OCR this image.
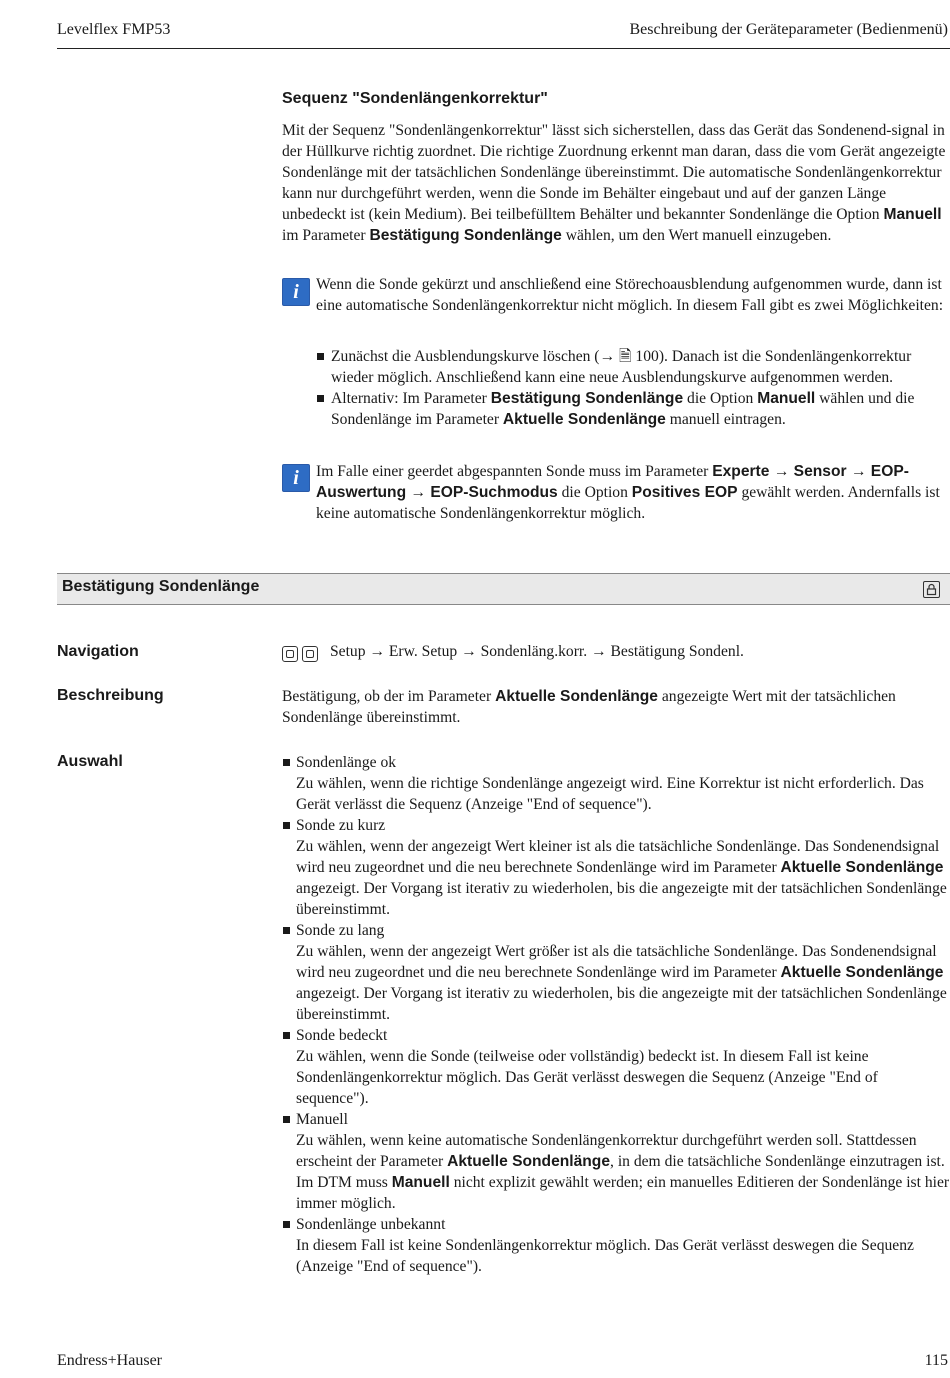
Levelflex FMP53	Beschreibung der Geräteparameter (Bedienmenü)
Sequenz "Sondenlängenkorrektur"
Mit der Sequenz "Sondenlängenkorrektur" lässt sich sicherstellen, dass das Gerät das Sondenend-signal in der Hüllkurve richtig zuordnet. Die richtige Zuordnung erkennt man daran, dass die vom Gerät angezeigte Sondenlänge mit der tatsächlichen Sondenlänge übereinstimmt. Die automatische Sondenlängenkorrektur kann nur durchgeführt werden, wenn die Sonde im Behälter eingebaut und auf der ganzen Länge unbedeckt ist (kein Medium). Bei teilbefülltem Behälter und bekannter Sondenlänge die Option Manuell im Parameter Bestätigung Sondenlänge wählen, um den Wert manuell einzugeben.
i	Wenn die Sonde gekürzt und anschließend eine Störechoausblendung aufgenommen wurde, dann ist eine automatische Sondenlängenkorrektur nicht möglich. In diesem Fall gibt es zwei Möglichkeiten:
Zunächst die Ausblendungskurve löschen (→ 🗎 100). Danach ist die Sondenlängenkorrektur wieder möglich. Anschließend kann eine neue Ausblendungskurve aufgenommen werden.
Alternativ: Im Parameter Bestätigung Sondenlänge die Option Manuell wählen und die Sondenlänge im Parameter Aktuelle Sondenlänge manuell eintragen.
i	Im Falle einer geerdet abgespannten Sonde muss im Parameter Experte → Sensor → EOP-Auswertung → EOP-Suchmodus die Option Positives EOP gewählt werden. Andernfalls ist keine automatische Sondenlängenkorrektur möglich.
Bestätigung Sondenlänge
Navigation	Setup → Erw. Setup → Sondenläng.korr. → Bestätigung Sondenl.
Beschreibung	Bestätigung, ob der im Parameter Aktuelle Sondenlänge angezeigte Wert mit der tatsächlichen Sondenlänge übereinstimmt.
Auswahl	Sondenlänge ok
Zu wählen, wenn die richtige Sondenlänge angezeigt wird. Eine Korrektur ist nicht erforderlich. Das Gerät verlässt die Sequenz (Anzeige "End of sequence").
Sonde zu kurz
Zu wählen, wenn der angezeigt Wert kleiner ist als die tatsächliche Sondenlänge. Das Sondenendsignal wird neu zugeordnet und die neu berechnete Sondenlänge wird im Parameter Aktuelle Sondenlänge angezeigt. Der Vorgang ist iterativ zu wiederholen, bis die angezeigte mit der tatsächlichen Sondenlänge übereinstimmt.
Sonde zu lang
Zu wählen, wenn der angezeigt Wert größer ist als die tatsächliche Sondenlänge. Das Sondenendsignal wird neu zugeordnet und die neu berechnete Sondenlänge wird im Parameter Aktuelle Sondenlänge angezeigt. Der Vorgang ist iterativ zu wiederholen, bis die angezeigte mit der tatsächlichen Sondenlänge übereinstimmt.
Sonde bedeckt
Zu wählen, wenn die Sonde (teilweise oder vollständig) bedeckt ist. In diesem Fall ist keine Sondenlängenkorrektur möglich. Das Gerät verlässt deswegen die Sequenz (Anzeige "End of sequence").
Manuell
Zu wählen, wenn keine automatische Sondenlängenkorrektur durchgeführt werden soll. Stattdessen erscheint der Parameter Aktuelle Sondenlänge, in dem die tatsächliche Sondenlänge einzutragen ist.
Im DTM muss Manuell nicht explizit gewählt werden; ein manuelles Editieren der Sondenlänge ist hier immer möglich.
Sondenlänge unbekannt
In diesem Fall ist keine Sondenlängenkorrektur möglich. Das Gerät verlässt deswegen die Sequenz (Anzeige "End of sequence").
Endress+Hauser	115
